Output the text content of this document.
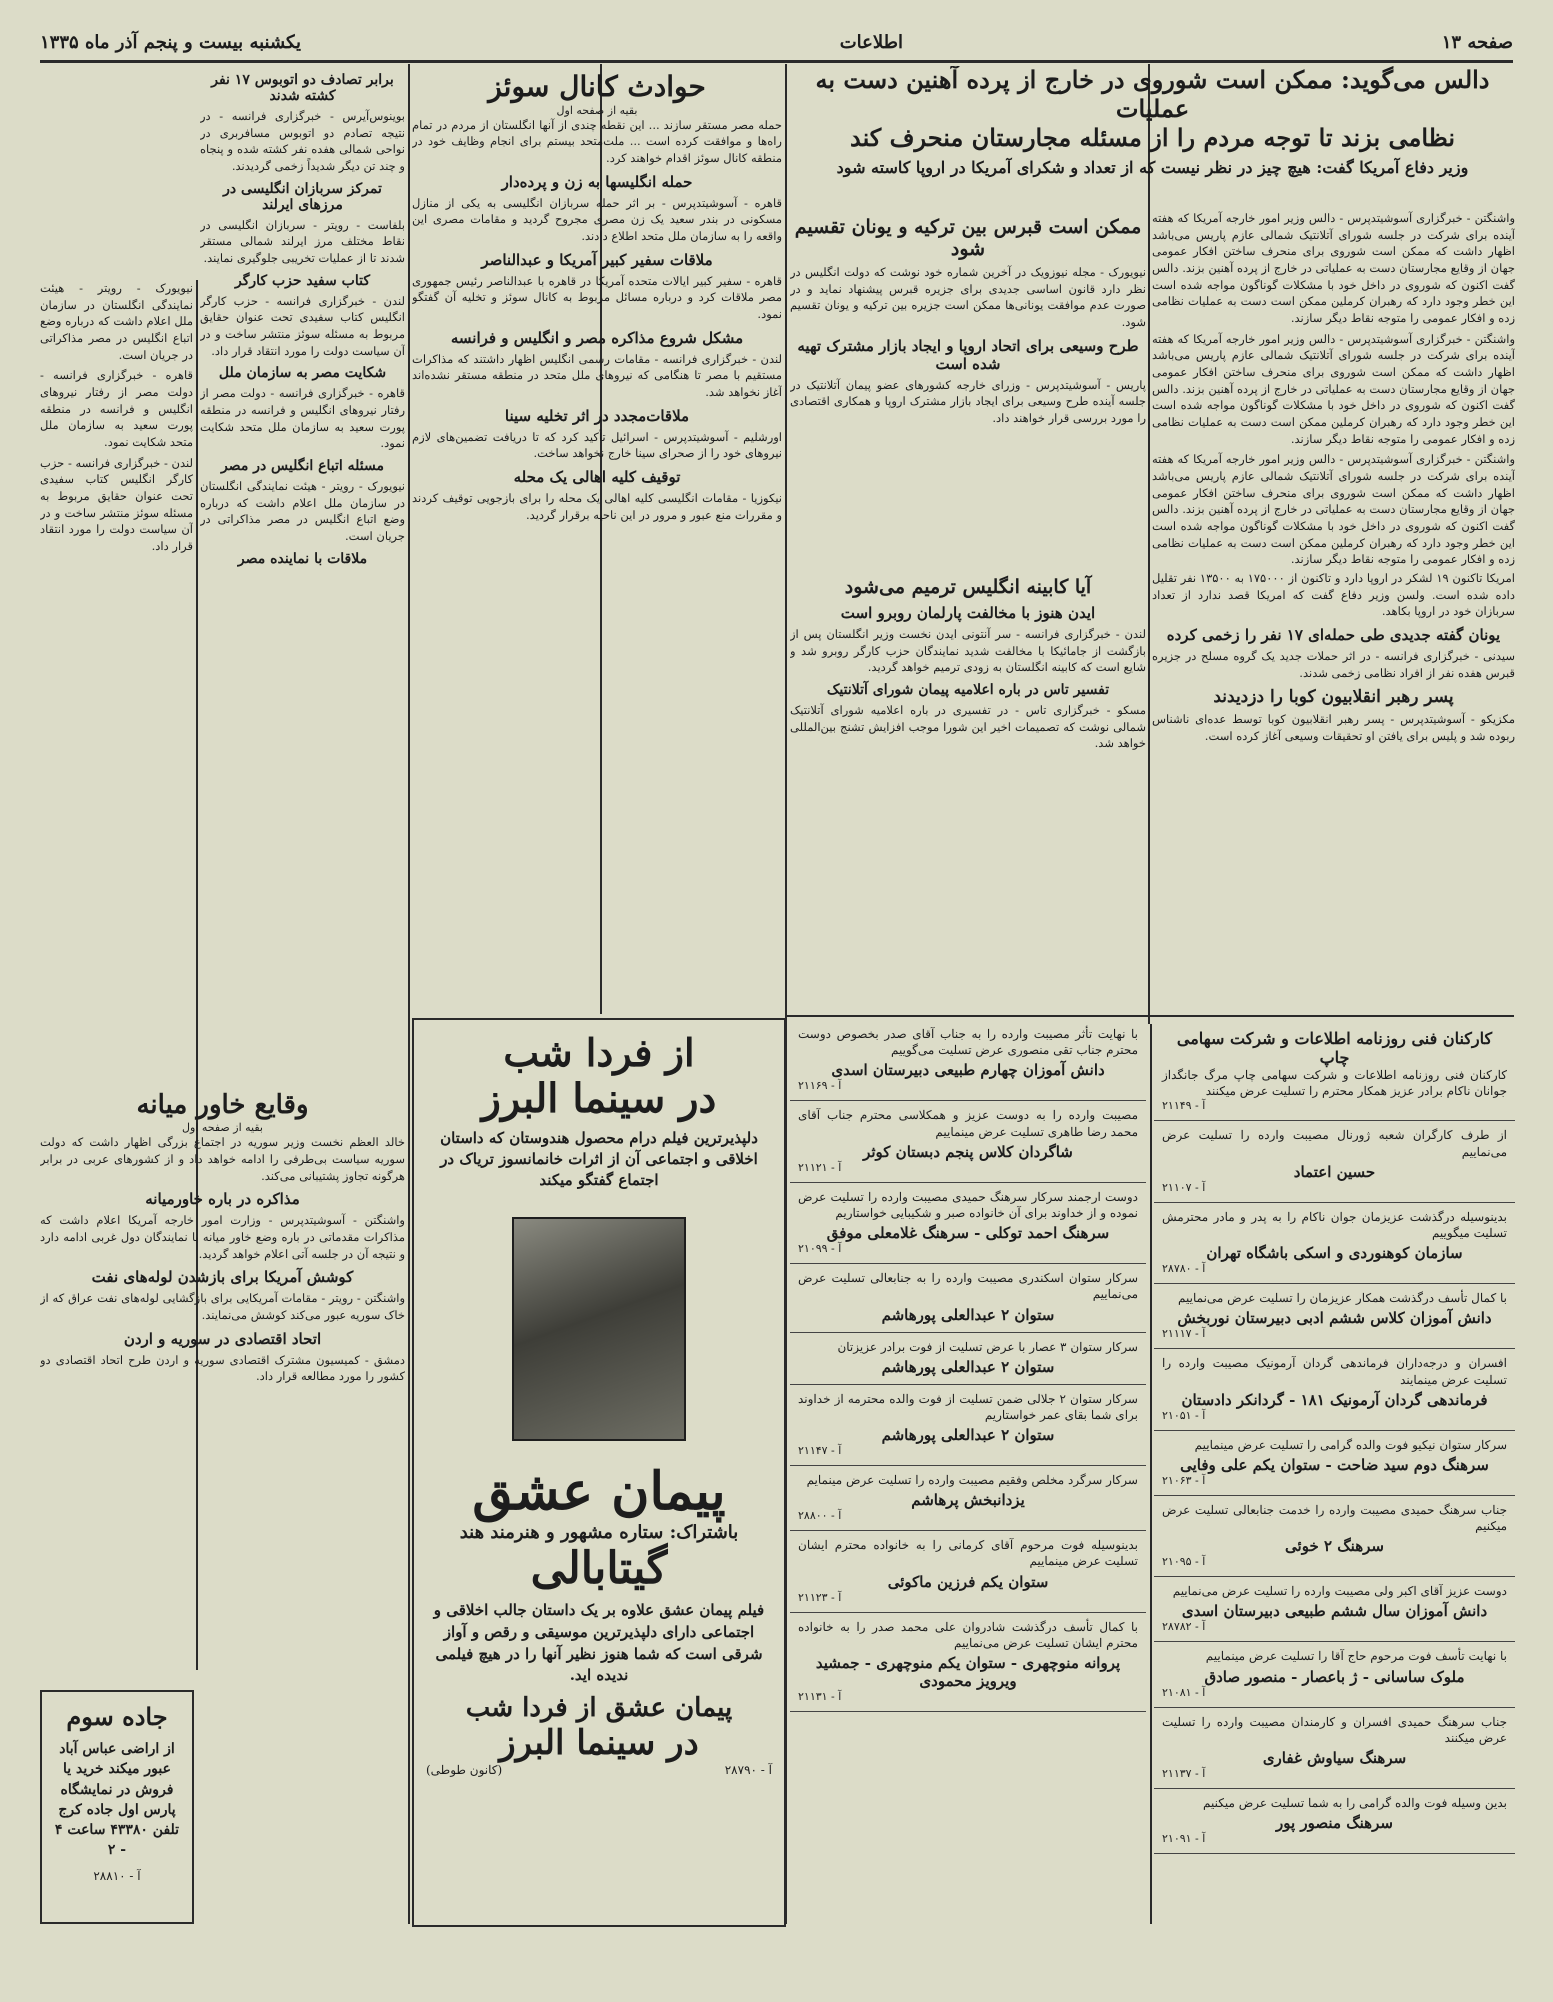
صفحه ۱۳
اطلاعات
یکشنبه بیست و پنجم آذر ماه ۱۳۳۵
دالس می‌گوید: ممکن است شوروی در خارج از پرده آهنین دست به عملیات
نظامی بزند تا توجه مردم را از مسئله مجارستان منحرف کند
وزیر دفاع آمریکا گفت: هیچ چیز در نظر نیست که از تعداد و شکرای آمریکا در اروپا کاسته شود

واشنگتن - خبرگزاری آسوشیتدپرس - دالس وزیر امور خارجه آمریکا که هفته آینده برای شرکت در جلسه شورای آتلانتیک شمالی عازم پاریس می‌باشد اظهار داشت که ممکن است شوروی برای منحرف ساختن افکار عمومی جهان از وقایع مجارستان دست به عملیاتی در خارج از پرده آهنین بزند. دالس گفت اکنون که شوروی در داخل خود با مشکلات گوناگون مواجه شده است این خطر وجود دارد که رهبران کرملین ممکن است دست به عملیات نظامی زده و افکار عمومی را متوجه نقاط دیگر سازند.

واشنگتن - خبرگزاری آسوشیتدپرس - دالس وزیر امور خارجه آمریکا که هفته آینده برای شرکت در جلسه شورای آتلانتیک شمالی عازم پاریس می‌باشد اظهار داشت که ممکن است شوروی برای منحرف ساختن افکار عمومی جهان از وقایع مجارستان دست به عملیاتی در خارج از پرده آهنین بزند. دالس گفت اکنون که شوروی در داخل خود با مشکلات گوناگون مواجه شده است این خطر وجود دارد که رهبران کرملین ممکن است دست به عملیات نظامی زده و افکار عمومی را متوجه نقاط دیگر سازند.

واشنگتن - خبرگزاری آسوشیتدپرس - دالس وزیر امور خارجه آمریکا که هفته آینده برای شرکت در جلسه شورای آتلانتیک شمالی عازم پاریس می‌باشد اظهار داشت که ممکن است شوروی برای منحرف ساختن افکار عمومی جهان از وقایع مجارستان دست به عملیاتی در خارج از پرده آهنین بزند. دالس گفت اکنون که شوروی در داخل خود با مشکلات گوناگون مواجه شده است این خطر وجود دارد که رهبران کرملین ممکن است دست به عملیات نظامی زده و افکار عمومی را متوجه نقاط دیگر سازند.

ممکن است قبرس بین ترکیه و یونان تقسیم شود

نیویورک - مجله نیوزویک در آخرین شماره خود نوشت که دولت انگلیس در نظر دارد قانون اساسی جدیدی برای جزیره قبرس پیشنهاد نماید و در صورت عدم موافقت یونانی‌ها ممکن است جزیره بین ترکیه و یونان تقسیم شود.

طرح وسیعی برای اتحاد اروپا و ایجاد بازار مشترک تهیه شده است

پاریس - آسوشیتدپرس - وزرای خارجه کشورهای عضو پیمان آتلانتیک در جلسه آینده طرح وسیعی برای ایجاد بازار مشترک اروپا و همکاری اقتصادی را مورد بررسی قرار خواهند داد.

آیا کابینه انگلیس ترمیم می‌شود
ایدن هنوز با مخالفت پارلمان روبرو است

لندن - خبرگزاری فرانسه - سر آنتونی ایدن نخست وزیر انگلستان پس از بازگشت از جامائیکا با مخالفت شدید نمایندگان حزب کارگر روبرو شد و شایع است که کابینه انگلستان به زودی ترمیم خواهد گردید.

تفسیر تاس در باره اعلامیه پیمان شورای آتلانتیک

مسکو - خبرگزاری تاس - در تفسیری در باره اعلامیه شورای آتلانتیک شمالی نوشت که تصمیمات اخیر این شورا موجب افزایش تشنج بین‌المللی خواهد شد.

امریکا تاکنون ۱۹ لشکر در اروپا دارد و تاکنون از ۱۷۵۰۰۰ به ۱۳۵۰۰ نفر تقلیل داده شده است. ولسن وزیر دفاع گفت که امریکا قصد ندارد از تعداد سربازان خود در اروپا بکاهد.

یونان گفته جدیدی طی حمله‌ای ۱۷ نفر را زخمی کرده

سیدنی - خبرگزاری فرانسه - در اثر حملات جدید یک گروه مسلح در جزیره قبرس هفده نفر از افراد نظامی زخمی شدند.

پسر رهبر انقلابیون کوبا را دزدیدند

مکزیکو - آسوشیتدپرس - پسر رهبر انقلابیون کوبا توسط عده‌ای ناشناس ربوده شد و پلیس برای یافتن او تحقیقات وسیعی آغاز کرده است.

حوادث کانال سوئز
بقیه از صفحه اول

حمله مصر مستقر سازند ... این نقطه چندی از آنها انگلستان از مردم در تمام راه‌ها و موافقت کرده است ... ملت‌متحد بیستم برای انجام وظایف خود در منطقه کانال سوئز اقدام خواهند کرد.

حمله انگلیسها به زن و پرده‌دار

قاهره - آسوشیتدپرس - بر اثر حمله سربازان انگلیسی به یکی از منازل مسکونی در بندر سعید یک زن مصری مجروح گردید و مقامات مصری این واقعه را به سازمان ملل متحد اطلاع دادند.

ملاقات سفیر کبیر آمریکا و عبدالناصر

قاهره - سفیر کبیر ایالات متحده آمریکا در قاهره با عبدالناصر رئیس جمهوری مصر ملاقات کرد و درباره مسائل مربوط به کانال سوئز و تخلیه آن گفتگو نمود.

مشکل شروع مذاکره مصر و انگلیس و فرانسه

لندن - خبرگزاری فرانسه - مقامات رسمی انگلیس اظهار داشتند که مذاکرات مستقیم با مصر تا هنگامی که نیروهای ملل متحد در منطقه مستقر نشده‌اند آغاز نخواهد شد.

ملاقات‌مجدد در اثر تخلیه سینا

اورشلیم - آسوشیتدپرس - اسرائیل تأکید کرد که تا دریافت تضمین‌های لازم نیروهای خود را از صحرای سینا خارج نخواهد ساخت.

توقیف کلیه اهالی یک محله

نیکوزیا - مقامات انگلیسی کلیه اهالی یک محله را برای بازجویی توقیف کردند و مقررات منع عبور و مرور در این ناحیه برقرار گردید.

برابر تصادف دو اتوبوس ۱۷ نفر کشته شدند

بوینوس‌آیرس - خبرگزاری فرانسه - در نتیجه تصادم دو اتوبوس مسافربری در نواحی شمالی هفده نفر کشته شده و پنجاه و چند تن دیگر شدیداً زخمی گردیدند.

تمرکز سربازان انگلیسی در مرزهای ایرلند

بلفاست - رویتر - سربازان انگلیسی در نقاط مختلف مرز ایرلند شمالی مستقر شدند تا از عملیات تخریبی جلوگیری نمایند.

کتاب سفید حزب کارگر

لندن - خبرگزاری فرانسه - حزب کارگر انگلیس کتاب سفیدی تحت عنوان حقایق مربوط به مسئله سوئز منتشر ساخت و در آن سیاست دولت را مورد انتقاد قرار داد.

شکایت مصر به سازمان ملل

قاهره - خبرگزاری فرانسه - دولت مصر از رفتار نیروهای انگلیس و فرانسه در منطقه پورت سعید به سازمان ملل متحد شکایت نمود.

مسئله اتباع انگلیس در مصر

نیویورک - رویتر - هیئت نمایندگی انگلستان در سازمان ملل اعلام داشت که درباره وضع اتباع انگلیس در مصر مذاکراتی در جریان است.

ملاقات با نماینده مصر

نیویورک - رویتر - هیئت نمایندگی انگلستان در سازمان ملل اعلام داشت که درباره وضع اتباع انگلیس در مصر مذاکراتی در جریان است.

قاهره - خبرگزاری فرانسه - دولت مصر از رفتار نیروهای انگلیس و فرانسه در منطقه پورت سعید به سازمان ملل متحد شکایت نمود.

لندن - خبرگزاری فرانسه - حزب کارگر انگلیس کتاب سفیدی تحت عنوان حقایق مربوط به مسئله سوئز منتشر ساخت و در آن سیاست دولت را مورد انتقاد قرار داد.

وقایع خاور میانه
بقیه از صفحه اول

خالد العظم نخست وزیر سوریه در اجتماع بزرگی اظهار داشت که دولت سوریه سیاست بی‌طرفی را ادامه خواهد داد و از کشورهای عربی در برابر هرگونه تجاوز پشتیبانی می‌کند.

مذاکره در باره خاورمیانه

واشنگتن - آسوشیتدپرس - وزارت امور خارجه آمریکا اعلام داشت که مذاکرات مقدماتی در باره وضع خاور میانه با نمایندگان دول غربی ادامه دارد و نتیجه آن در جلسه آتی اعلام خواهد گردید.

کوشش آمریکا برای بازشدن لوله‌های نفت

واشنگتن - رویتر - مقامات آمریکایی برای بازگشایی لوله‌های نفت عراق که از خاک سوریه عبور می‌کند کوشش می‌نمایند.

اتحاد اقتصادی در سوریه و اردن

دمشق - کمیسیون مشترک اقتصادی سوریه و اردن طرح اتحاد اقتصادی دو کشور را مورد مطالعه قرار داد.

جاده سوم
از اراضی عباس آباد عبور میکند خرید یا فروش در نمایشگاه پارس اول جاده کرج تلفن ۴۳۳۸۰ ساعت ۴ - ۲
آ - ۲۸۸۱۰
از فردا شب
در سینما البرز
دلپذیرترین فیلم درام محصول هندوستان که داستان اخلاقی و اجتماعی آن از اثرات خانمانسوز تریاک در اجتماع گفتگو میکند
پیمان عشق
باشتراک: ستاره مشهور و هنرمند هند
گیتابالی
فیلم پیمان عشق علاوه بر یک داستان جالب اخلاقی و اجتماعی دارای دلپذیرترین موسیقی و رقص و آواز شرقی است که شما هنوز نظیر آنها را در هیچ فیلمی ندیده اید.
پیمان عشق از فردا شب
در سینما البرز
آ - ۲۸۷۹۰
(کانون طوطی)
با نهایت تأثر مصیبت وارده را به جناب آقای صدر بخصوص دوست محترم جناب تقی منصوری عرض تسلیت می‌گوییم
دانش آموزان چهارم طبیعی دبیرستان اسدی
آ - ۲۱۱۶۹
مصیبت وارده را به دوست عزیز و همکلاسی محترم جناب آقای محمد رضا طاهری تسلیت عرض مینماییم
شاگردان کلاس پنجم دبستان کوثر
آ - ۲۱۱۲۱
دوست ارجمند سرکار سرهنگ حمیدی مصیبت وارده را تسلیت عرض نموده و از خداوند برای آن خانواده صبر و شکیبایی خواستاریم
سرهنگ احمد توکلی - سرهنگ غلامعلی موفق
آ - ۲۱۰۹۹
سرکار ستوان اسکندری مصیبت وارده را به جنابعالی تسلیت عرض می‌نماییم
ستوان ۲ عبدالعلی پورهاشم
سرکار ستوان ۳ عصار با عرض تسلیت از فوت برادر عزیزتان
ستوان ۲ عبدالعلی پورهاشم
سرکار ستوان ۲ جلالی ضمن تسلیت از فوت والده محترمه از خداوند برای شما بقای عمر خواستاریم
ستوان ۲ عبدالعلی پورهاشم
آ - ۲۱۱۴۷
سرکار سرگرد مخلص وفقیم مصیبت وارده را تسلیت عرض مینمایم
یزدانبخش پرهاشم
آ - ۲۸۸۰۰
بدینوسیله فوت مرحوم آقای کرمانی را به خانواده محترم ایشان تسلیت عرض مینماییم
ستوان یکم فرزین ماکوئی
آ - ۲۱۱۲۳
با کمال تأسف درگذشت شادروان علی محمد صدر را به خانواده محترم ایشان تسلیت عرض می‌نماییم
پروانه منوچهری - ستوان یکم منوچهری - جمشید ویرویز محمودی
آ - ۲۱۱۳۱
کارکنان فنی روزنامه اطلاعات و شرکت سهامی چاپ
کارکنان فنی روزنامه اطلاعات و شرکت سهامی چاپ مرگ جانگداز جوانان ناکام برادر عزیز همکار محترم را تسلیت عرض میکنند
آ - ۲۱۱۴۹
از طرف کارگران شعبه ژورنال مصیبت وارده را تسلیت عرض می‌نماییم
حسین اعتماد
آ - ۲۱۱۰۷
بدینوسیله درگذشت عزیزمان جوان ناکام را به پدر و مادر محترمش تسلیت میگوییم
سازمان کوهنوردی و اسکی باشگاه تهران
آ - ۲۸۷۸۰
با کمال تأسف درگذشت همکار عزیزمان را تسلیت عرض می‌نماییم
دانش آموزان کلاس ششم ادبی دبیرستان نوربخش
آ - ۲۱۱۱۷
افسران و درجه‌داران فرماندهی گردان آرمونیک مصیبت وارده را تسلیت عرض مینمایند
فرماندهی گردان آرمونیک ۱۸۱ - گردانکر دادستان
آ - ۲۱۰۵۱
سرکار ستوان نیکیو فوت والده گرامی را تسلیت عرض مینماییم
سرهنگ دوم سید ضاحت - ستوان یکم علی وفایی
آ - ۲۱۰۶۳
جناب سرهنگ حمیدی مصیبت وارده را خدمت جنابعالی تسلیت عرض میکنیم
سرهنگ ۲ خوئی
آ - ۲۱۰۹۵
دوست عزیز آقای اکبر ولی مصیبت وارده را تسلیت عرض می‌نماییم
دانش آموزان سال ششم طبیعی دبیرستان اسدی
آ - ۲۸۷۸۲
با نهایت تأسف فوت مرحوم حاج آقا را تسلیت عرض مینماییم
ملوک ساسانی - ژ باعصار - منصور صادق
آ - ۲۱۰۸۱
جناب سرهنگ حمیدی افسران و کارمندان مصیبت وارده را تسلیت عرض میکنند
سرهنگ سیاوش غفاری
آ - ۲۱۱۳۷
بدین وسیله فوت والده گرامی را به شما تسلیت عرض میکنیم
سرهنگ منصور پور
آ - ۲۱۰۹۱
